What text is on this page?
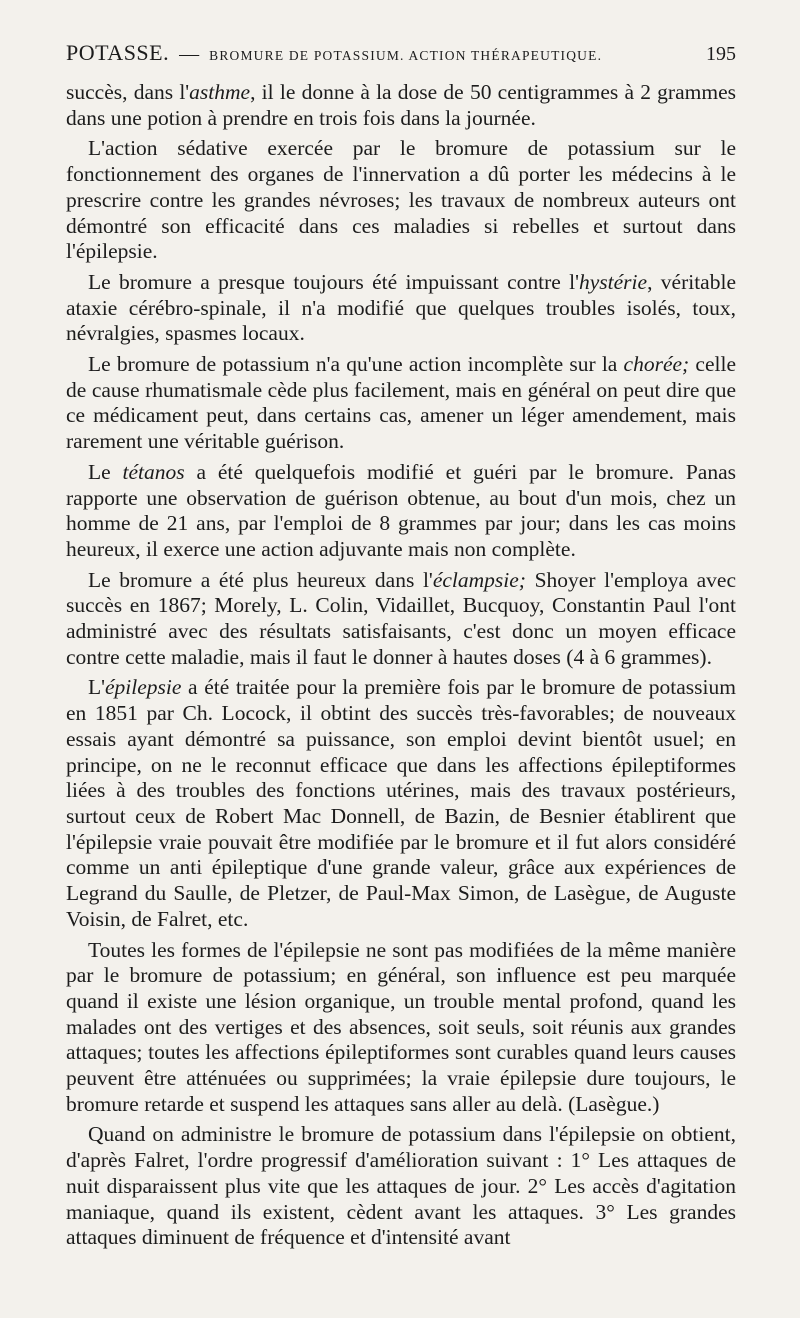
POTASSE. — BROMURE DE POTASSIUM. ACTION THÉRAPEUTIQUE.	195

succès, dans l'asthme, il le donne à la dose de 50 centigrammes à 2 grammes dans une potion à prendre en trois fois dans la journée.

L'action sédative exercée par le bromure de potassium sur le fonctionnement des organes de l'innervation a dû porter les médecins à le prescrire contre les grandes névroses; les travaux de nombreux auteurs ont démontré son efficacité dans ces maladies si rebelles et surtout dans l'épilepsie.

Le bromure a presque toujours été impuissant contre l'hystérie, véritable ataxie cérébro-spinale, il n'a modifié que quelques troubles isolés, toux, névralgies, spasmes locaux.

Le bromure de potassium n'a qu'une action incomplète sur la chorée; celle de cause rhumatismale cède plus facilement, mais en général on peut dire que ce médicament peut, dans certains cas, amener un léger amendement, mais rarement une véritable guérison.

Le tétanos a été quelquefois modifié et guéri par le bromure. Panas rapporte une observation de guérison obtenue, au bout d'un mois, chez un homme de 21 ans, par l'emploi de 8 grammes par jour; dans les cas moins heureux, il exerce une action adjuvante mais non complète.

Le bromure a été plus heureux dans l'éclampsie; Shoyer l'employa avec succès en 1867; Morely, L. Colin, Vidaillet, Bucquoy, Constantin Paul l'ont administré avec des résultats satisfaisants, c'est donc un moyen efficace contre cette maladie, mais il faut le donner à hautes doses (4 à 6 grammes).

L'épilepsie a été traitée pour la première fois par le bromure de potassium en 1851 par Ch. Locock, il obtint des succès très-favorables; de nouveaux essais ayant démontré sa puissance, son emploi devint bientôt usuel; en principe, on ne le reconnut efficace que dans les affections épileptiformes liées à des troubles des fonctions utérines, mais des travaux postérieurs, surtout ceux de Robert Mac Donnell, de Bazin, de Besnier établirent que l'épilepsie vraie pouvait être modifiée par le bromure et il fut alors considéré comme un anti épileptique d'une grande valeur, grâce aux expériences de Legrand du Saulle, de Pletzer, de Paul-Max Simon, de Lasègue, de Auguste Voisin, de Falret, etc.

Toutes les formes de l'épilepsie ne sont pas modifiées de la même manière par le bromure de potassium; en général, son influence est peu marquée quand il existe une lésion organique, un trouble mental profond, quand les malades ont des vertiges et des absences, soit seuls, soit réunis aux grandes attaques; toutes les affections épileptiformes sont curables quand leurs causes peuvent être atténuées ou supprimées; la vraie épilepsie dure toujours, le bromure retarde et suspend les attaques sans aller au delà. (Lasègue.)

Quand on administre le bromure de potassium dans l'épilepsie on obtient, d'après Falret, l'ordre progressif d'amélioration suivant : 1° Les attaques de nuit disparaissent plus vite que les attaques de jour. 2° Les accès d'agitation maniaque, quand ils existent, cèdent avant les attaques. 3° Les grandes attaques diminuent de fréquence et d'intensité avant
